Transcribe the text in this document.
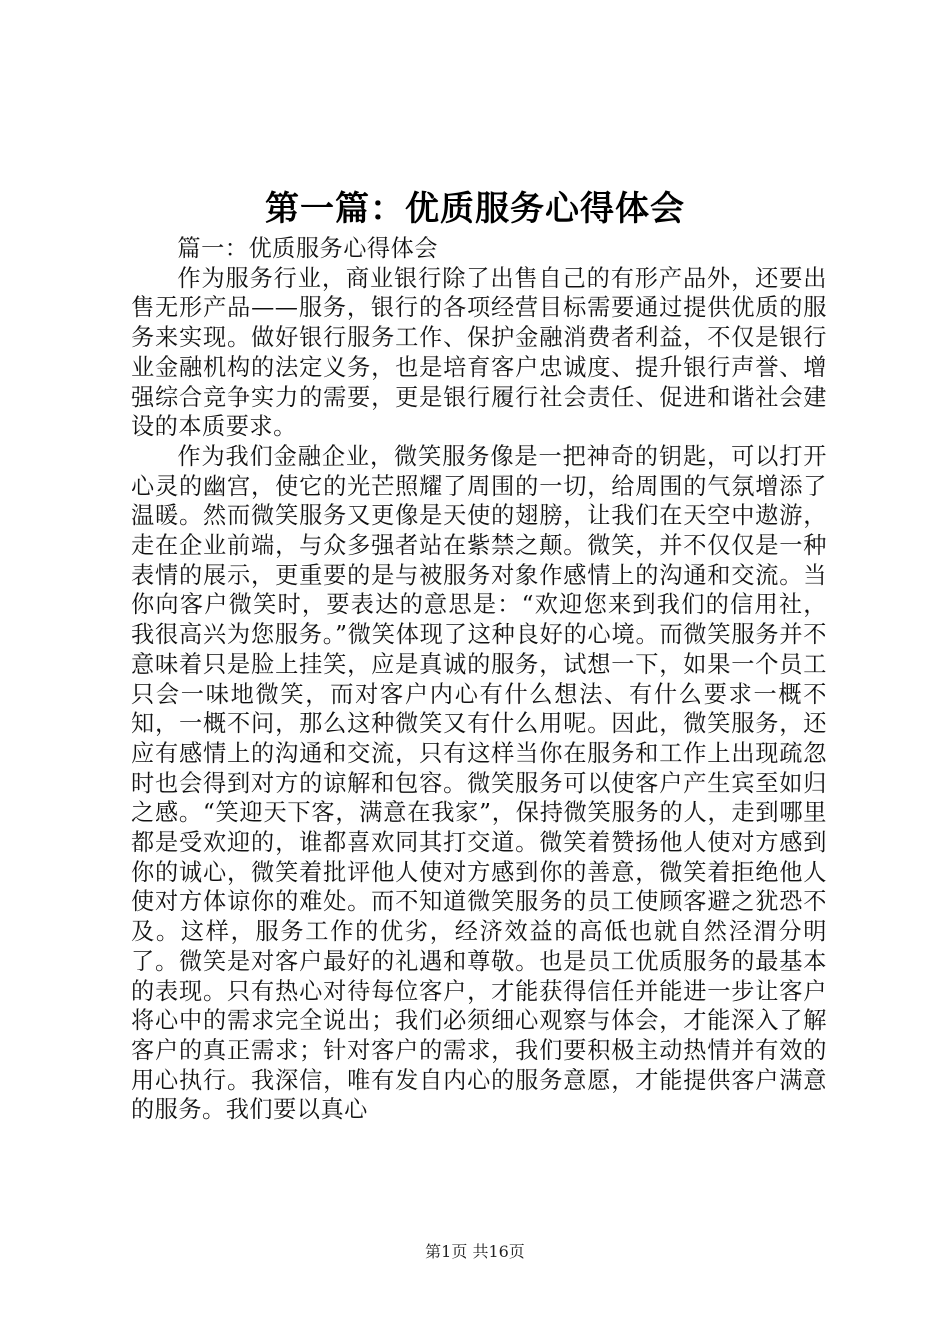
第一篇：优质服务心得体会

篇一：优质服务心得体会

作为服务行业，商业银行除了出售自己的有形产品外，还要出售无形产品——服务，银行的各项经营目标需要通过提供优质的服务来实现。做好银行服务工作、保护金融消费者利益，不仅是银行业金融机构的法定义务，也是培育客户忠诚度、提升银行声誉、增强综合竞争实力的需要，更是银行履行社会责任、促进和谐社会建设的本质要求。

作为我们金融企业，微笑服务像是一把神奇的钥匙，可以打开心灵的幽宫，使它的光芒照耀了周围的一切，给周围的气氛增添了温暖。然而微笑服务又更像是天使的翅膀，让我们在天空中遨游，走在企业前端，与众多强者站在紫禁之颠。微笑，并不仅仅是一种表情的展示，更重要的是与被服务对象作感情上的沟通和交流。当你向客户微笑时，要表达的意思是：“欢迎您来到我们的信用社，我很高兴为您服务。”微笑体现了这种良好的心境。而微笑服务并不意味着只是脸上挂笑，应是真诚的服务，试想一下，如果一个员工只会一味地微笑，而对客户内心有什么想法、有什么要求一概不知，一概不问，那么这种微笑又有什么用呢。因此，微笑服务，还应有感情上的沟通和交流，只有这样当你在服务和工作上出现疏忽时也会得到对方的谅解和包容。微笑服务可以使客户产生宾至如归之感。“笑迎天下客，满意在我家”，保持微笑服务的人，走到哪里都是受欢迎的，谁都喜欢同其打交道。微笑着赞扬他人使对方感到你的诚心，微笑着批评他人使对方感到你的善意，微笑着拒绝他人使对方体谅你的难处。而不知道微笑服务的员工使顾客避之犹恐不及。这样，服务工作的优劣，经济效益的高低也就自然泾渭分明了。微笑是对客户最好的礼遇和尊敬。也是员工优质服务的最基本的表现。只有热心对待每位客户，才能获得信任并能进一步让客户将心中的需求完全说出；我们必须细心观察与体会，才能深入了解客户的真正需求；针对客户的需求，我们要积极主动热情并有效的用心执行。我深信，唯有发自内心的服务意愿，才能提供客户满意的服务。我们要以真心

第1页 共16页
